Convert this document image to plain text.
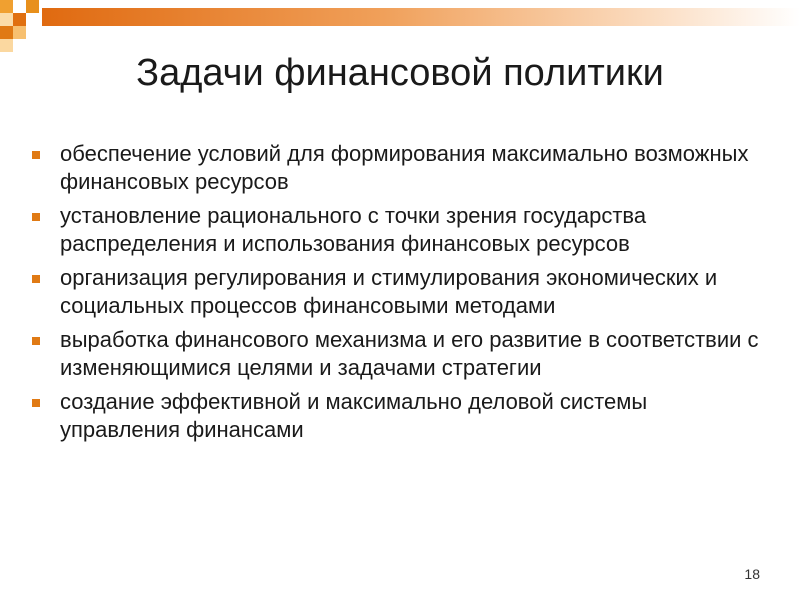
Задачи финансовой политики
обеспечение условий для формирования максимально возможных финансовых ресурсов
установление рационального с точки зрения государства распределения и использования финансовых ресурсов
организация регулирования и стимулирования экономических и социальных процессов финансовыми методами
выработка финансового механизма и его развитие в соответствии с изменяющимися целями и задачами стратегии
создание эффективной и максимально деловой системы управления финансами
18
